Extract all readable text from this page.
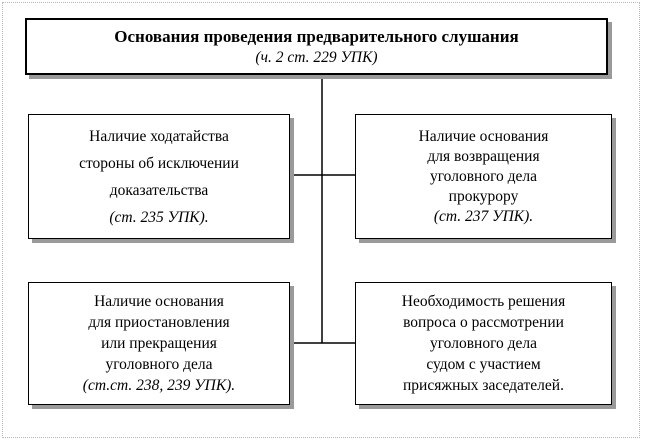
Основания проведения предварительного слушания
(ч. 2 ст. 229 УПК)
Наличие ходатайства
стороны об исключении
доказательства
(ст. 235 УПК).
Наличие основания
для возвращения
уголовного дела
прокурору
(ст. 237 УПК).
Наличие основания
для приостановления
или прекращения
уголовного дела
(ст.ст. 238, 239 УПК).
Необходимость решения
вопроса о рассмотрении
уголовного дела
судом с участием
присяжных заседателей.
